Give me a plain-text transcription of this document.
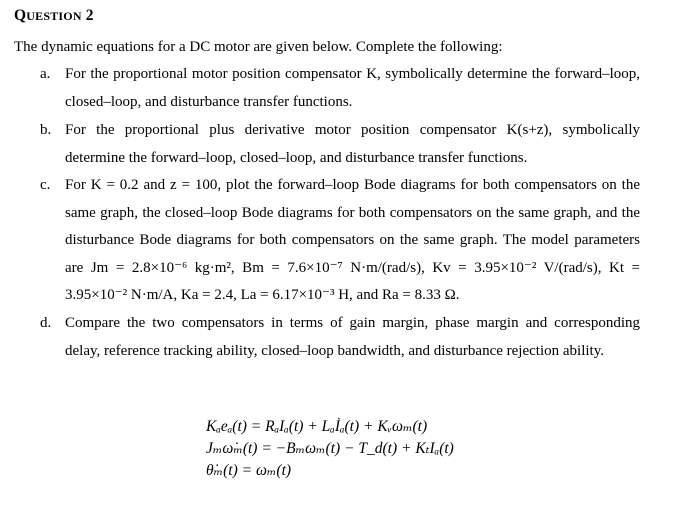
QUESTION 2
The dynamic equations for a DC motor are given below. Complete the following:
a. For the proportional motor position compensator K, symbolically determine the forward–loop, closed–loop, and disturbance transfer functions.
b. For the proportional plus derivative motor position compensator K(s+z), symbolically determine the forward–loop, closed–loop, and disturbance transfer functions.
c. For K = 0.2 and z = 100, plot the forward–loop Bode diagrams for both compensators on the same graph, the closed–loop Bode diagrams for both compensators on the same graph, and the disturbance Bode diagrams for both compensators on the same graph. The model parameters are Jm = 2.8×10⁻⁶ kg·m², Bm = 7.6×10⁻⁷ N·m/(rad/s), Kv = 3.95×10⁻² V/(rad/s), Kt = 3.95×10⁻² N·m/A, Ka = 2.4, La = 6.17×10⁻³ H, and Ra = 8.33 Ω.
d. Compare the two compensators in terms of gain margin, phase margin and corresponding delay, reference tracking ability, closed–loop bandwidth, and disturbance rejection ability.
Kₐeₐ(t) = RₐIₐ(t) + Lₐİₐ(t) + Kᵥωₘ(t)
Jₘω̇ₘ(t) = −Bₘωₘ(t) − T_d(t) + KₜIₐ(t)
θ̇ₘ(t) = ωₘ(t)
